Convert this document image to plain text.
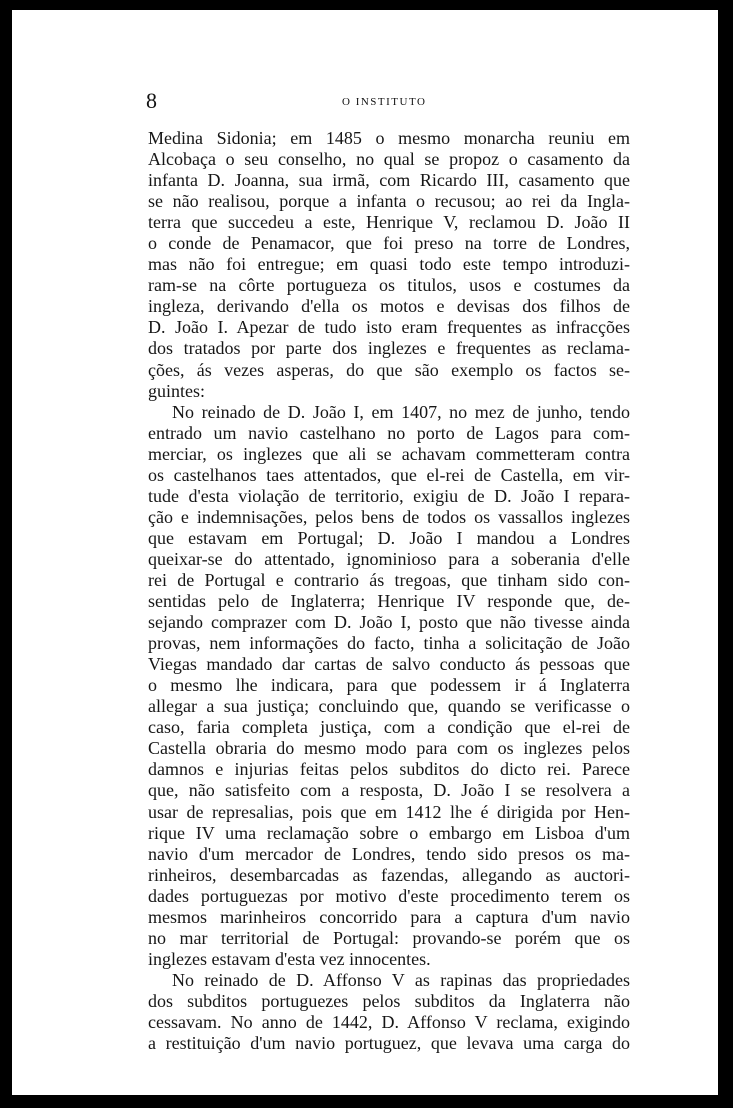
8	O INSTITUTO
Medina Sidonia; em 1485 o mesmo monarcha reuniu em
Alcobaça o seu conselho, no qual se propoz o casamento da
infanta D. Joanna, sua irmã, com Ricardo III, casamento que
se não realisou, porque a infanta o recusou; ao rei da Ingla-
terra que succedeu a este, Henrique V, reclamou D. João II
o conde de Penamacor, que foi preso na torre de Londres,
mas não foi entregue; em quasi todo este tempo introduzi-
ram-se na côrte portugueza os titulos, usos e costumes da
ingleza, derivando d'ella os motos e devisas dos filhos de
D. João I. Apezar de tudo isto eram frequentes as infracções
dos tratados por parte dos inglezes e frequentes as reclama-
ções, ás vezes asperas, do que são exemplo os factos se-
guintes:
No reinado de D. João I, em 1407, no mez de junho, tendo
entrado um navio castelhano no porto de Lagos para com-
merciar, os inglezes que ali se achavam commetteram contra
os castelhanos taes attentados, que el-rei de Castella, em vir-
tude d'esta violação de territorio, exigiu de D. João I repara-
ção e indemnisações, pelos bens de todos os vassallos inglezes
que estavam em Portugal; D. João I mandou a Londres
queixar-se do attentado, ignominioso para a soberania d'elle
rei de Portugal e contrario ás tregoas, que tinham sido con-
sentidas pelo de Inglaterra; Henrique IV responde que, de-
sejando comprazer com D. João I, posto que não tivesse ainda
provas, nem informações do facto, tinha a solicitação de João
Viegas mandado dar cartas de salvo conducto ás pessoas que
o mesmo lhe indicara, para que podessem ir á Inglaterra
allegar a sua justiça; concluindo que, quando se verificasse o
caso, faria completa justiça, com a condição que el-rei de
Castella obraria do mesmo modo para com os inglezes pelos
damnos e injurias feitas pelos subditos do dicto rei. Parece
que, não satisfeito com a resposta, D. João I se resolvera a
usar de represalias, pois que em 1412 lhe é dirigida por Hen-
rique IV uma reclamação sobre o embargo em Lisboa d'um
navio d'um mercador de Londres, tendo sido presos os ma-
rinheiros, desembarcadas as fazendas, allegando as auctori-
dades portuguezas por motivo d'este procedimento terem os
mesmos marinheiros concorrido para a captura d'um navio
no mar territorial de Portugal: provando-se porém que os
inglezes estavam d'esta vez innocentes.
No reinado de D. Affonso V as rapinas das propriedades
dos subditos portuguezes pelos subditos da Inglaterra não
cessavam. No anno de 1442, D. Affonso V reclama, exigindo
a restituição d'um navio portuguez, que levava uma carga do
